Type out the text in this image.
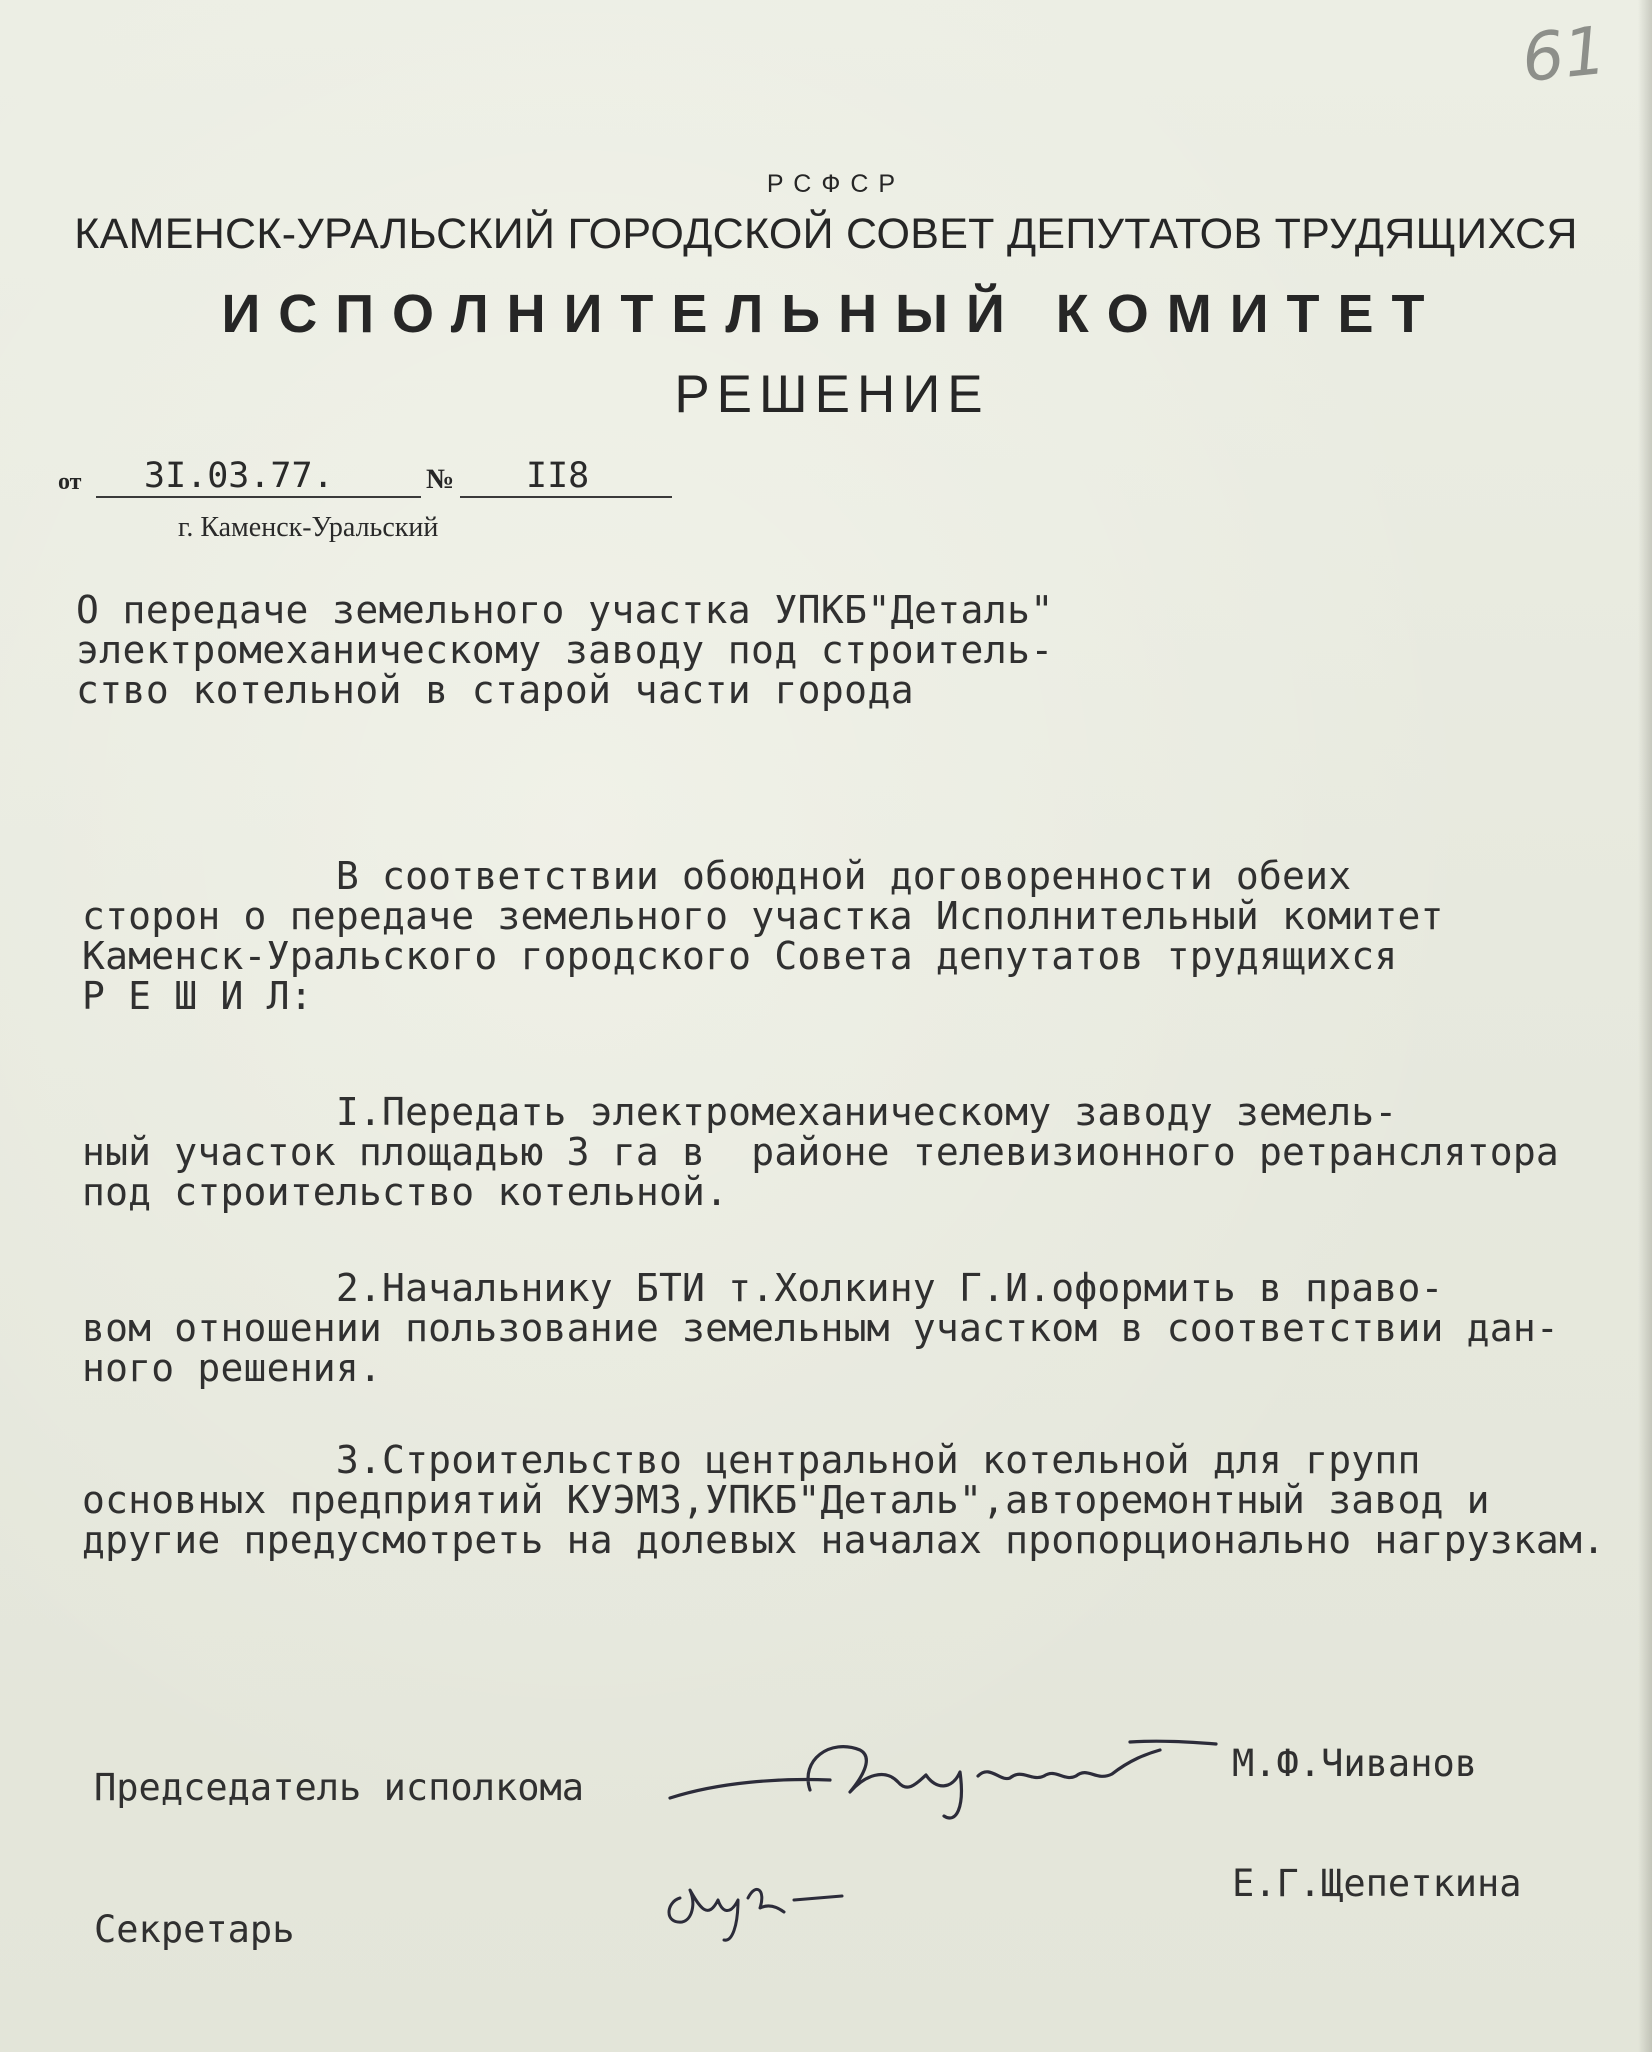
61
РСФСР
КАМЕНСК-УРАЛЬСКИЙ ГОРОДСКОЙ СОВЕТ ДЕПУТАТОВ ТРУДЯЩИХСЯ
ИСПОЛНИТЕЛЬНЫЙ КОМИТЕТ
РЕШЕНИЕ
от 3I.03.77.	№ II8
г. Каменск-Уральский
О передаче земельного участка УПКБ"Деталь"
электромеханическому заводу под строитель-
ство котельной в старой части города
В соответствии обоюдной договоренности обеих
сторон о передаче земельного участка Исполнительный комитет
Каменск-Уральского городского Совета депутатов трудящихся
Р Е Ш И Л:
I.Передать электромеханическому заводу земель-
ный участок площадью 3 га в  районе телевизионного ретранслятора
под строительство котельной.
2.Начальнику БТИ т.Холкину Г.И.оформить в право-
вом отношении пользование земельным участком в соответствии дан-
ного решения.
3.Строительство центральной котельной для групп
основных предприятий КУЭМЗ,УПКБ"Деталь",авторемонтный завод и
другие предусмотреть на долевых началах пропорционально нагрузкам.
Председатель исполкома
М.Ф.Чиванов
Секретарь
Е.Г.Щепеткина
